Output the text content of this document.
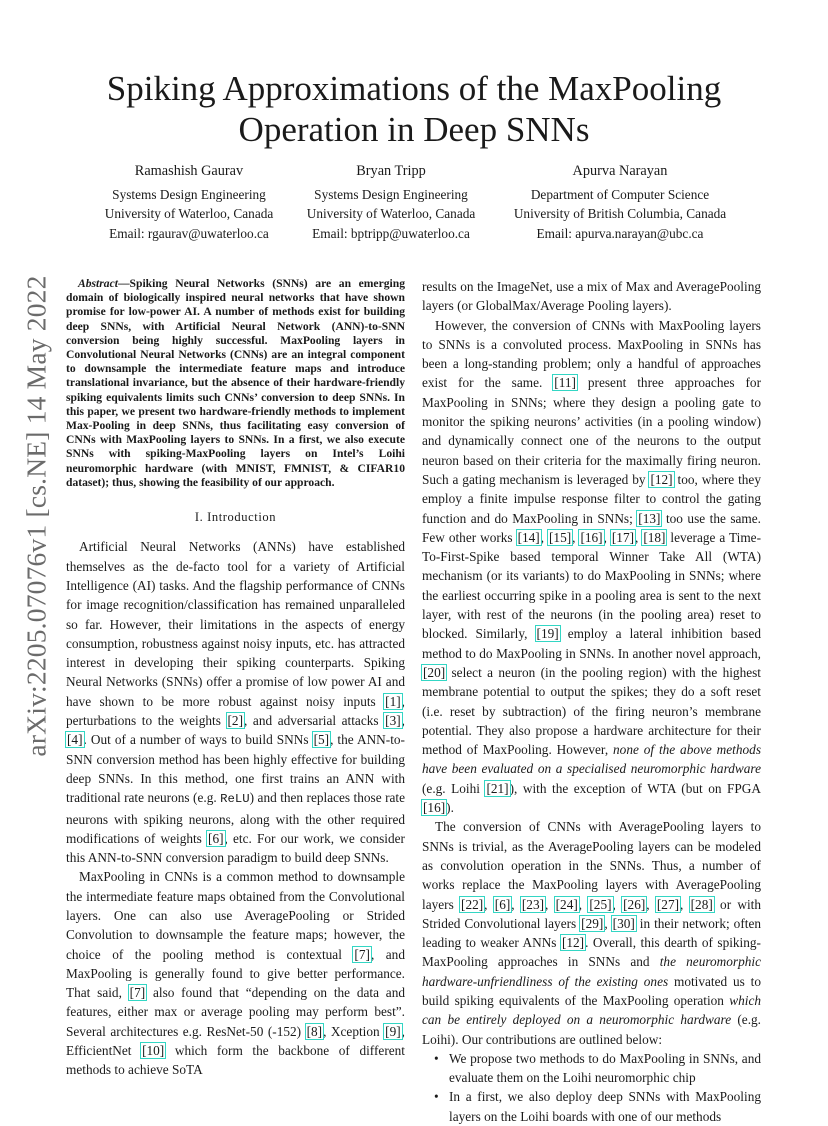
arXiv:2205.07076v1 [cs.NE] 14 May 2022
Spiking Approximations of the MaxPooling Operation in Deep SNNs
Ramashish Gaurav
Systems Design Engineering
University of Waterloo, Canada
Email: rgaurav@uwaterloo.ca
Bryan Tripp
Systems Design Engineering
University of Waterloo, Canada
Email: bptripp@uwaterloo.ca
Apurva Narayan
Department of Computer Science
University of British Columbia, Canada
Email: apurva.narayan@ubc.ca

Abstract—Spiking Neural Networks (SNNs) are an emerging domain of biologically inspired neural networks that have shown promise for low-power AI. A number of methods exist for building deep SNNs, with Artificial Neural Network (ANN)-to-SNN conversion being highly successful. MaxPooling layers in Convolutional Neural Networks (CNNs) are an integral component to downsample the intermediate feature maps and introduce translational invariance, but the absence of their hardware-friendly spiking equivalents limits such CNNs’ conversion to deep SNNs. In this paper, we present two hardware-friendly methods to implement Max-Pooling in deep SNNs, thus facilitating easy conversion of CNNs with MaxPooling layers to SNNs. In a first, we also execute SNNs with spiking-MaxPooling layers on Intel’s Loihi neuromorphic hardware (with MNIST, FMNIST, & CIFAR10 dataset); thus, showing the feasibility of our approach.

I. Introduction

Artificial Neural Networks (ANNs) have established themselves as the de-facto tool for a variety of Artificial Intelligence (AI) tasks. And the flagship performance of CNNs for image recognition/classification has remained unparalleled so far. However, their limitations in the aspects of energy consumption, robustness against noisy inputs, etc. has attracted interest in developing their spiking counterparts. Spiking Neural Networks (SNNs) offer a promise of low power AI and have shown to be more robust against noisy inputs [1], perturbations to the weights [2], and adversarial attacks [3], [4]. Out of a number of ways to build SNNs [5], the ANN-to-SNN conversion method has been highly effective for building deep SNNs. In this method, one first trains an ANN with traditional rate neurons (e.g. ReLU) and then replaces those rate neurons with spiking neurons, along with the other required modifications of weights [6], etc. For our work, we consider this ANN-to-SNN conversion paradigm to build deep SNNs.

MaxPooling in CNNs is a common method to downsample the intermediate feature maps obtained from the Convolutional layers. One can also use AveragePooling or Strided Convolution to downsample the feature maps; however, the choice of the pooling method is contextual [7], and MaxPooling is generally found to give better performance. That said, [7] also found that “depending on the data and features, either max or average pooling may perform best”. Several architectures e.g. ResNet-50 (-152) [8], Xception [9], EfficientNet [10] which form the backbone of different methods to achieve SoTA

results on the ImageNet, use a mix of Max and AveragePooling layers (or GlobalMax/Average Pooling layers).

However, the conversion of CNNs with MaxPooling layers to SNNs is a convoluted process. MaxPooling in SNNs has been a long-standing problem; only a handful of approaches exist for the same. [11] present three approaches for MaxPooling in SNNs; where they design a pooling gate to monitor the spiking neurons’ activities (in a pooling window) and dynamically connect one of the neurons to the output neuron based on their criteria for the maximally firing neuron. Such a gating mechanism is leveraged by [12] too, where they employ a finite impulse response filter to control the gating function and do MaxPooling in SNNs; [13] too use the same. Few other works [14], [15], [16], [17], [18] leverage a Time-To-First-Spike based temporal Winner Take All (WTA) mechanism (or its variants) to do MaxPooling in SNNs; where the earliest occurring spike in a pooling area is sent to the next layer, with rest of the neurons (in the pooling area) reset to blocked. Similarly, [19] employ a lateral inhibition based method to do MaxPooling in SNNs. In another novel approach, [20] select a neuron (in the pooling region) with the highest membrane potential to output the spikes; they do a soft reset (i.e. reset by subtraction) of the firing neuron’s membrane potential. They also propose a hardware architecture for their method of MaxPooling. However, none of the above methods have been evaluated on a specialised neuromorphic hardware (e.g. Loihi [21]), with the exception of WTA (but on FPGA [16]).

The conversion of CNNs with AveragePooling layers to SNNs is trivial, as the AveragePooling layers can be modeled as convolution operation in the SNNs. Thus, a number of works replace the MaxPooling layers with AveragePooling layers [22], [6], [23], [24], [25], [26], [27], [28] or with Strided Convolutional layers [29], [30] in their network; often leading to weaker ANNs [12]. Overall, this dearth of spiking-MaxPooling approaches in SNNs and the neuromorphic hardware-unfriendliness of the existing ones motivated us to build spiking equivalents of the MaxPooling operation which can be entirely deployed on a neuromorphic hardware (e.g. Loihi). Our contributions are outlined below:

• We propose two methods to do MaxPooling in SNNs, and evaluate them on the Loihi neuromorphic chip
• In a first, we also deploy deep SNNs with MaxPooling layers on the Loihi boards with one of our methods
